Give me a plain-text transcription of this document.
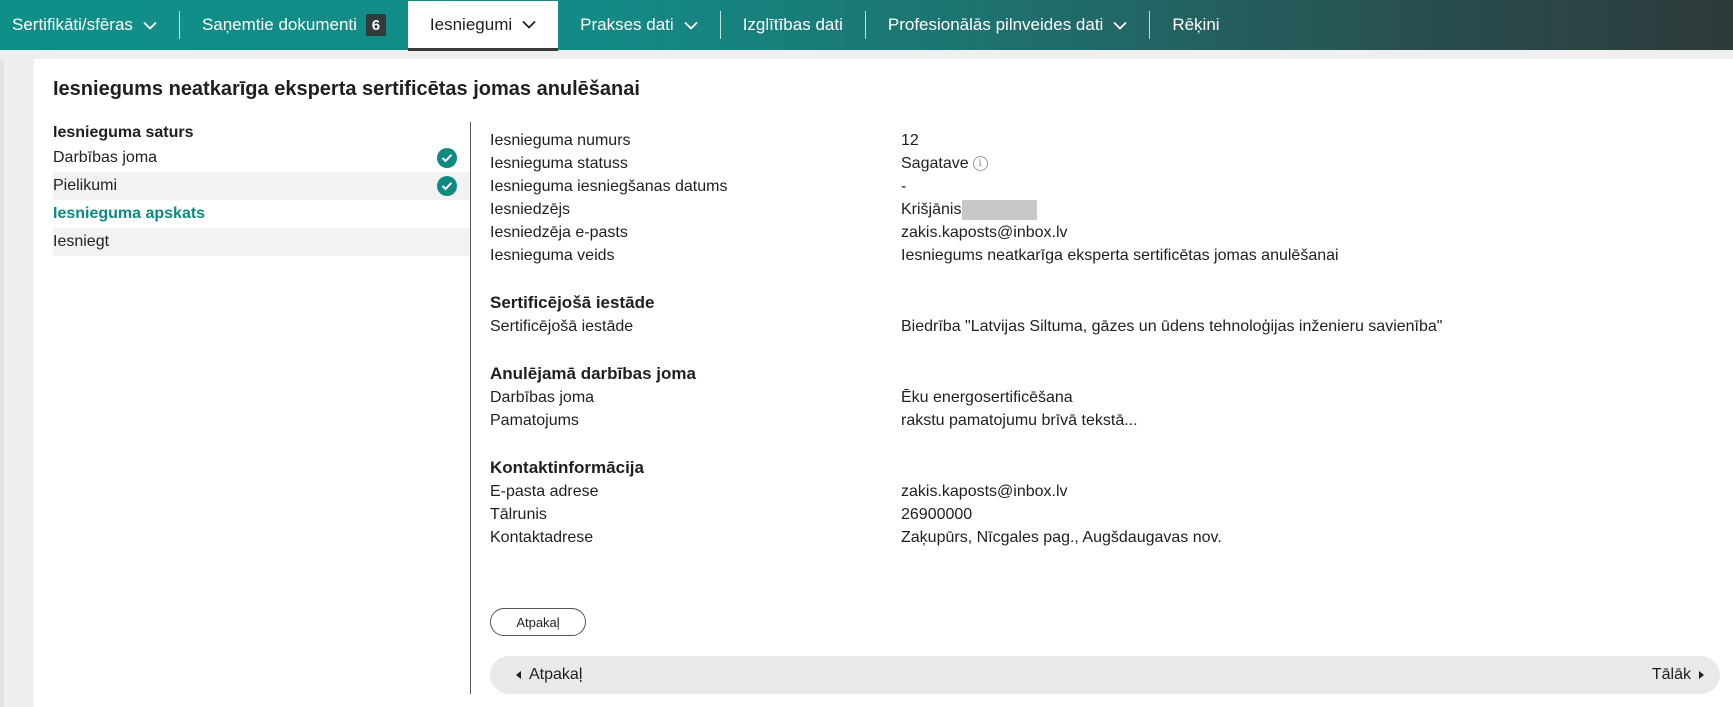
Sertifikāti/sfēras	Saņemtie dokumenti 6	Iesniegumi	Prakses dati	Izglītības dati	Profesionālās pilnveides dati	Rēķini
Iesniegums neatkarīga eksperta sertificētas jomas anulēšanai
Iesnieguma saturs
Darbības joma
Pielikumi
Iesnieguma apskats
Iesniegt
Iesnieguma numurs	12
Iesnieguma statuss	Sagatave i
Iesnieguma iesniegšanas datums	-
Iesniedzējs	Krišjānis
Iesniedzēja e-pasts	zakis.kaposts@inbox.lv
Iesnieguma veids	Iesniegums neatkarīga eksperta sertificētas jomas anulēšanai
Sertificējošā iestāde
Sertificējošā iestāde	Biedrība "Latvijas Siltuma, gāzes un ūdens tehnoloģijas inženieru savienība"
Anulējamā darbības joma
Darbības joma	Ēku energosertificēšana
Pamatojums	rakstu pamatojumu brīvā tekstā...
Kontaktinformācija
E-pasta adrese	zakis.kaposts@inbox.lv
Tālrunis	26900000
Kontaktadrese	Zaķupūrs, Nīcgales pag., Augšdaugavas nov.
Atpakaļ
Atpakaļ	Tālāk
